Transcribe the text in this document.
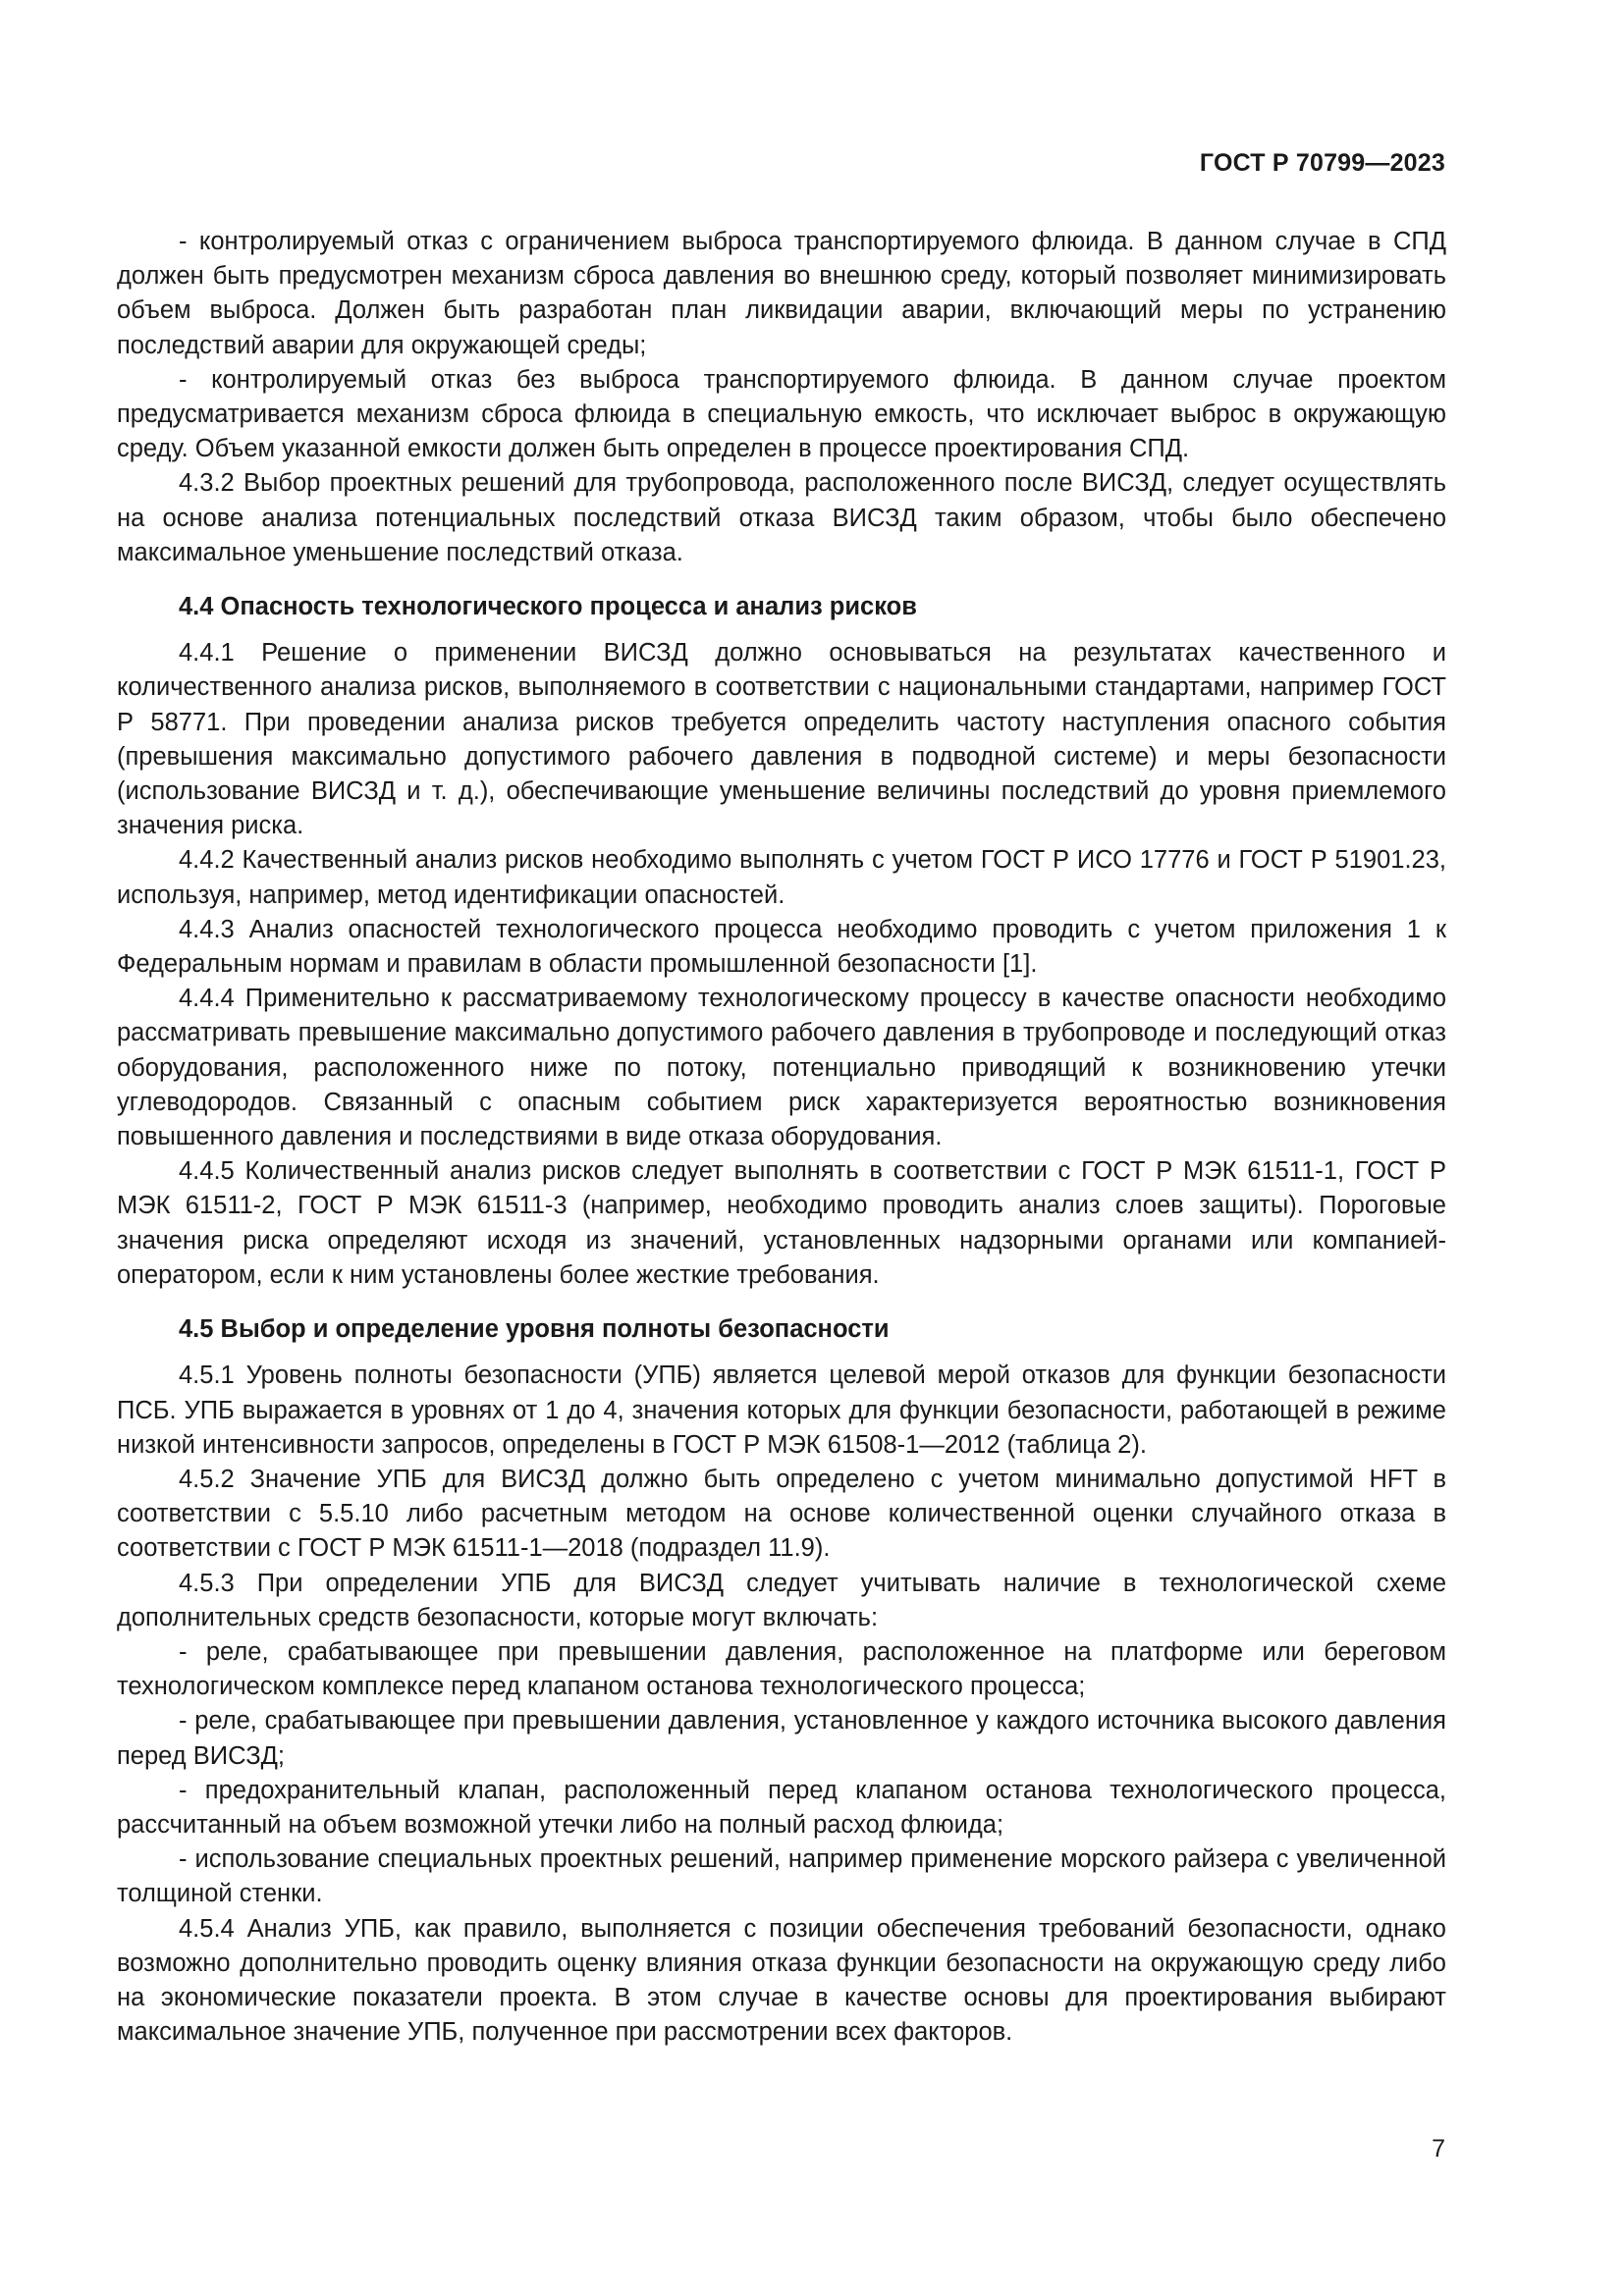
ГОСТ Р 70799—2023

- контролируемый отказ с ограничением выброса транспортируемого флюида. В данном случае в СПД должен быть предусмотрен механизм сброса давления во внешнюю среду, который позволяет минимизировать объем выброса. Должен быть разработан план ликвидации аварии, включающий меры по устранению последствий аварии для окружающей среды;

- контролируемый отказ без выброса транспортируемого флюида. В данном случае проектом предусматривается механизм сброса флюида в специальную емкость, что исключает выброс в окружающую среду. Объем указанной емкости должен быть определен в процессе проектирования СПД.

4.3.2 Выбор проектных решений для трубопровода, расположенного после ВИСЗД, следует осуществлять на основе анализа потенциальных последствий отказа ВИСЗД таким образом, чтобы было обеспечено максимальное уменьшение последствий отказа.

4.4 Опасность технологического процесса и анализ рисков

4.4.1 Решение о применении ВИСЗД должно основываться на результатах качественного и количественного анализа рисков, выполняемого в соответствии с национальными стандартами, например ГОСТ Р 58771. При проведении анализа рисков требуется определить частоту наступления опасного события (превышения максимально допустимого рабочего давления в подводной системе) и меры безопасности (использование ВИСЗД и т. д.), обеспечивающие уменьшение величины последствий до уровня приемлемого значения риска.

4.4.2 Качественный анализ рисков необходимо выполнять с учетом ГОСТ Р ИСО 17776 и ГОСТ Р 51901.23, используя, например, метод идентификации опасностей.

4.4.3 Анализ опасностей технологического процесса необходимо проводить с учетом приложения 1 к Федеральным нормам и правилам в области промышленной безопасности [1].

4.4.4 Применительно к рассматриваемому технологическому процессу в качестве опасности необходимо рассматривать превышение максимально допустимого рабочего давления в трубопроводе и последующий отказ оборудования, расположенного ниже по потоку, потенциально приводящий к возникновению утечки углеводородов. Связанный с опасным событием риск характеризуется вероятностью возникновения повышенного давления и последствиями в виде отказа оборудования.

4.4.5 Количественный анализ рисков следует выполнять в соответствии с ГОСТ Р МЭК 61511-1, ГОСТ Р МЭК 61511-2, ГОСТ Р МЭК 61511-3 (например, необходимо проводить анализ слоев защиты). Пороговые значения риска определяют исходя из значений, установленных надзорными органами или компанией-оператором, если к ним установлены более жесткие требования.

4.5 Выбор и определение уровня полноты безопасности

4.5.1 Уровень полноты безопасности (УПБ) является целевой мерой отказов для функции безопасности ПСБ. УПБ выражается в уровнях от 1 до 4, значения которых для функции безопасности, работающей в режиме низкой интенсивности запросов, определены в ГОСТ Р МЭК 61508-1—2012 (таблица 2).

4.5.2 Значение УПБ для ВИСЗД должно быть определено с учетом минимально допустимой HFT в соответствии с 5.5.10 либо расчетным методом на основе количественной оценки случайного отказа в соответствии с ГОСТ Р МЭК 61511-1—2018 (подраздел 11.9).

4.5.3 При определении УПБ для ВИСЗД следует учитывать наличие в технологической схеме дополнительных средств безопасности, которые могут включать:

- реле, срабатывающее при превышении давления, расположенное на платформе или береговом технологическом комплексе перед клапаном останова технологического процесса;

- реле, срабатывающее при превышении давления, установленное у каждого источника высокого давления перед ВИСЗД;

- предохранительный клапан, расположенный перед клапаном останова технологического процесса, рассчитанный на объем возможной утечки либо на полный расход флюида;

- использование специальных проектных решений, например применение морского райзера с увеличенной толщиной стенки.

4.5.4 Анализ УПБ, как правило, выполняется с позиции обеспечения требований безопасности, однако возможно дополнительно проводить оценку влияния отказа функции безопасности на окружающую среду либо на экономические показатели проекта. В этом случае в качестве основы для проектирования выбирают максимальное значение УПБ, полученное при рассмотрении всех факторов.

7
